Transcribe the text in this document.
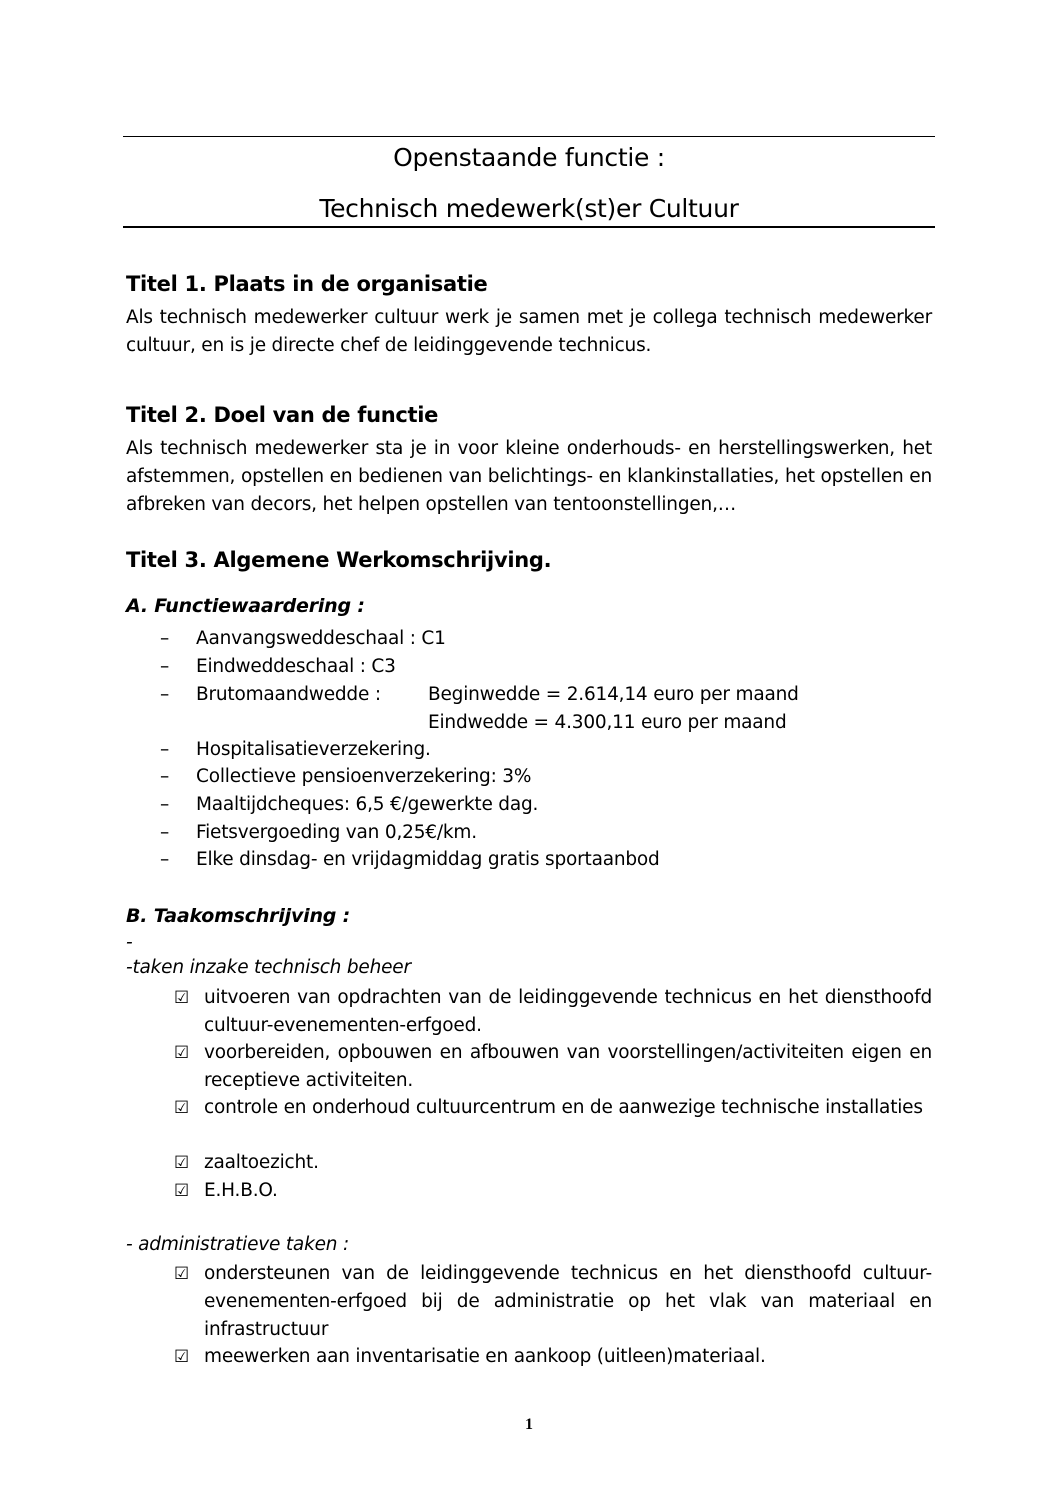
Openstaande functie :
Technisch medewerk(st)er Cultuur
Titel 1. Plaats in de organisatie
Als technisch medewerker cultuur werk je samen met je collega technisch medewerker cultuur, en is je directe chef de leidinggevende technicus.
Titel 2. Doel van de functie
Als technisch medewerker sta je in voor kleine onderhouds- en herstellingswerken, het afstemmen, opstellen en bedienen van belichtings- en klankinstallaties, het opstellen en afbreken van decors, het helpen opstellen van tentoonstellingen,…
Titel 3. Algemene Werkomschrijving.
A. Functiewaardering :
– Aanvangsweddeschaal : C1
– Eindweddeschaal : C3
– Brutomaandwedde :	Beginwedde = 2.614,14 euro per maand
Eindwedde = 4.300,11 euro per maand
– Hospitalisatieverzekering.
– Collectieve pensioenverzekering: 3%
– Maaltijdcheques: 6,5 €/gewerkte dag.
– Fietsvergoeding van 0,25€/km.
– Elke dinsdag- en vrijdagmiddag gratis sportaanbod
B. Taakomschrijving :
-
-taken inzake technisch beheer
☑ uitvoeren van opdrachten van de leidinggevende technicus en het diensthoofd cultuur-evenementen-erfgoed.
☑ voorbereiden, opbouwen en afbouwen van voorstellingen/activiteiten eigen en receptieve activiteiten.
☑ controle en onderhoud cultuurcentrum en de aanwezige technische installaties
☑ zaaltoezicht.
☑ E.H.B.O.
- administratieve taken :
☑ ondersteunen van de leidinggevende technicus en het diensthoofd cultuur-evenementen-erfgoed bij de administratie op het vlak van materiaal en infrastructuur
☑ meewerken aan inventarisatie en aankoop (uitleen)materiaal.
1
